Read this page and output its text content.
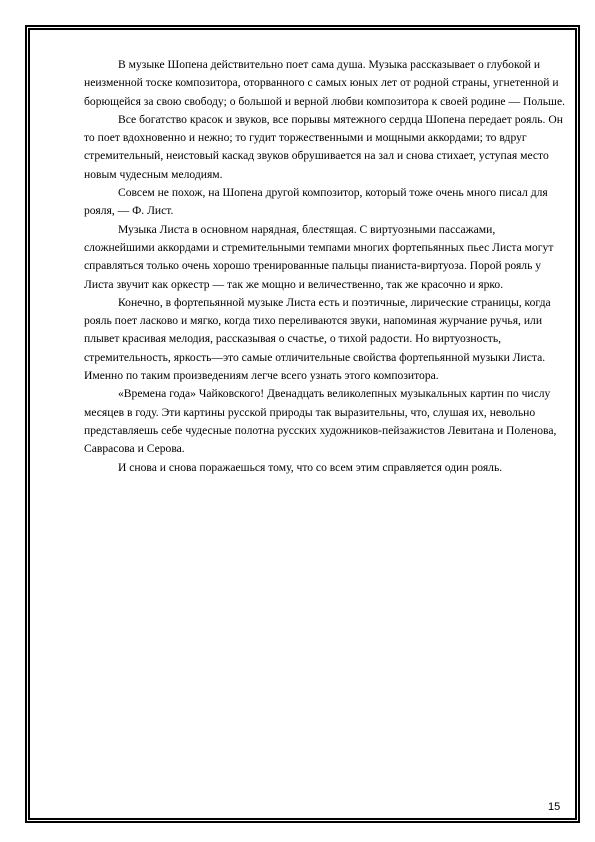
В музыке Шопена действительно поет сама душа. Музыка рассказывает о глубокой и неизменной тоске композитора, оторванного с самых юных лет от родной страны, угнетенной и борющейся за свою свободу; о большой и верной любви композитора к своей родине — Польше.

Все богатство красок и звуков, все порывы мятежного сердца Шопена передает рояль. Он то поет вдохновенно и нежно; то гудит торжественными и мощными аккордами; то вдруг стремительный, неистовый каскад звуков обрушивается на зал и снова стихает, уступая место новым чудесным мелодиям.

Совсем не похож, на Шопена другой композитор, который тоже очень много писал для рояля, — Ф. Лист.

Музыка Листа в основном нарядная, блестящая. С виртуозными пассажами, сложнейшими аккордами и стремительными темпами многих фортепьянных пьес Листа могут справляться только очень хорошо тренированные пальцы пианиста-виртуоза. Порой рояль у Листа звучит как оркестр — так же мощно и величественно, так же красочно и ярко.

Конечно, в фортепьянной музыке Листа есть и поэтичные, лирические страницы, когда рояль поет ласково и мягко, когда тихо переливаются звуки, напоминая журчание ручья, или плывет красивая мелодия, рассказывая о счастье, о тихой радости. Но виртуозность, стремительность, яркость—это самые отличительные свойства фортепьянной музыки Листа. Именно по таким произведениям легче всего узнать этого композитора.

«Времена года» Чайковского! Двенадцать великолепных музыкальных картин по числу месяцев в году. Эти картины русской природы так выразительны, что, слушая их, невольно представляешь себе чудесные полотна русских художников-пейзажистов Левитана и Поленова, Саврасова и Серова.

И снова и снова поражаешься тому, что со всем этим справляется один рояль.

15
